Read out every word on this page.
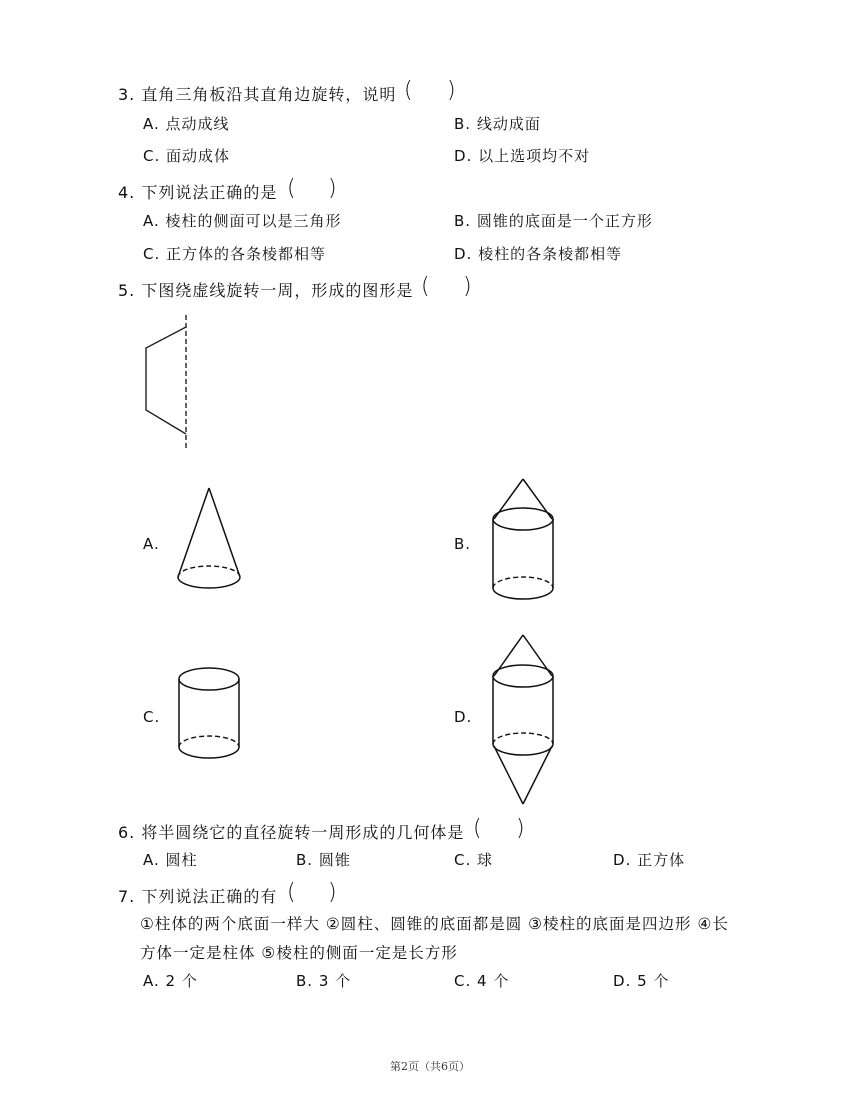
3. 直角三角板沿其直角边旋转，说明 ( )
A. 点动成线	B. 线动成面
C. 面动成体	D. 以上选项均不对
4. 下列说法正确的是 ( )
A. 棱柱的侧面可以是三角形	B. 圆锥的底面是一个正方形
C. 正方体的各条棱都相等	D. 棱柱的各条棱都相等
5. 下图绕虚线旋转一周，形成的图形是 ( )
A.	B.
C.	D.
6. 将半圆绕它的直径旋转一周形成的几何体是 ( )
A. 圆柱	B. 圆锥	C. 球	D. 正方体
7. 下列说法正确的有 ( )
①柱体的两个底面一样大 ②圆柱、圆锥的底面都是圆 ③棱柱的底面是四边形 ④长
方体一定是柱体 ⑤棱柱的侧面一定是长方形
A. 2 个	B. 3 个	C. 4 个	D. 5 个
第2页（共6页）
